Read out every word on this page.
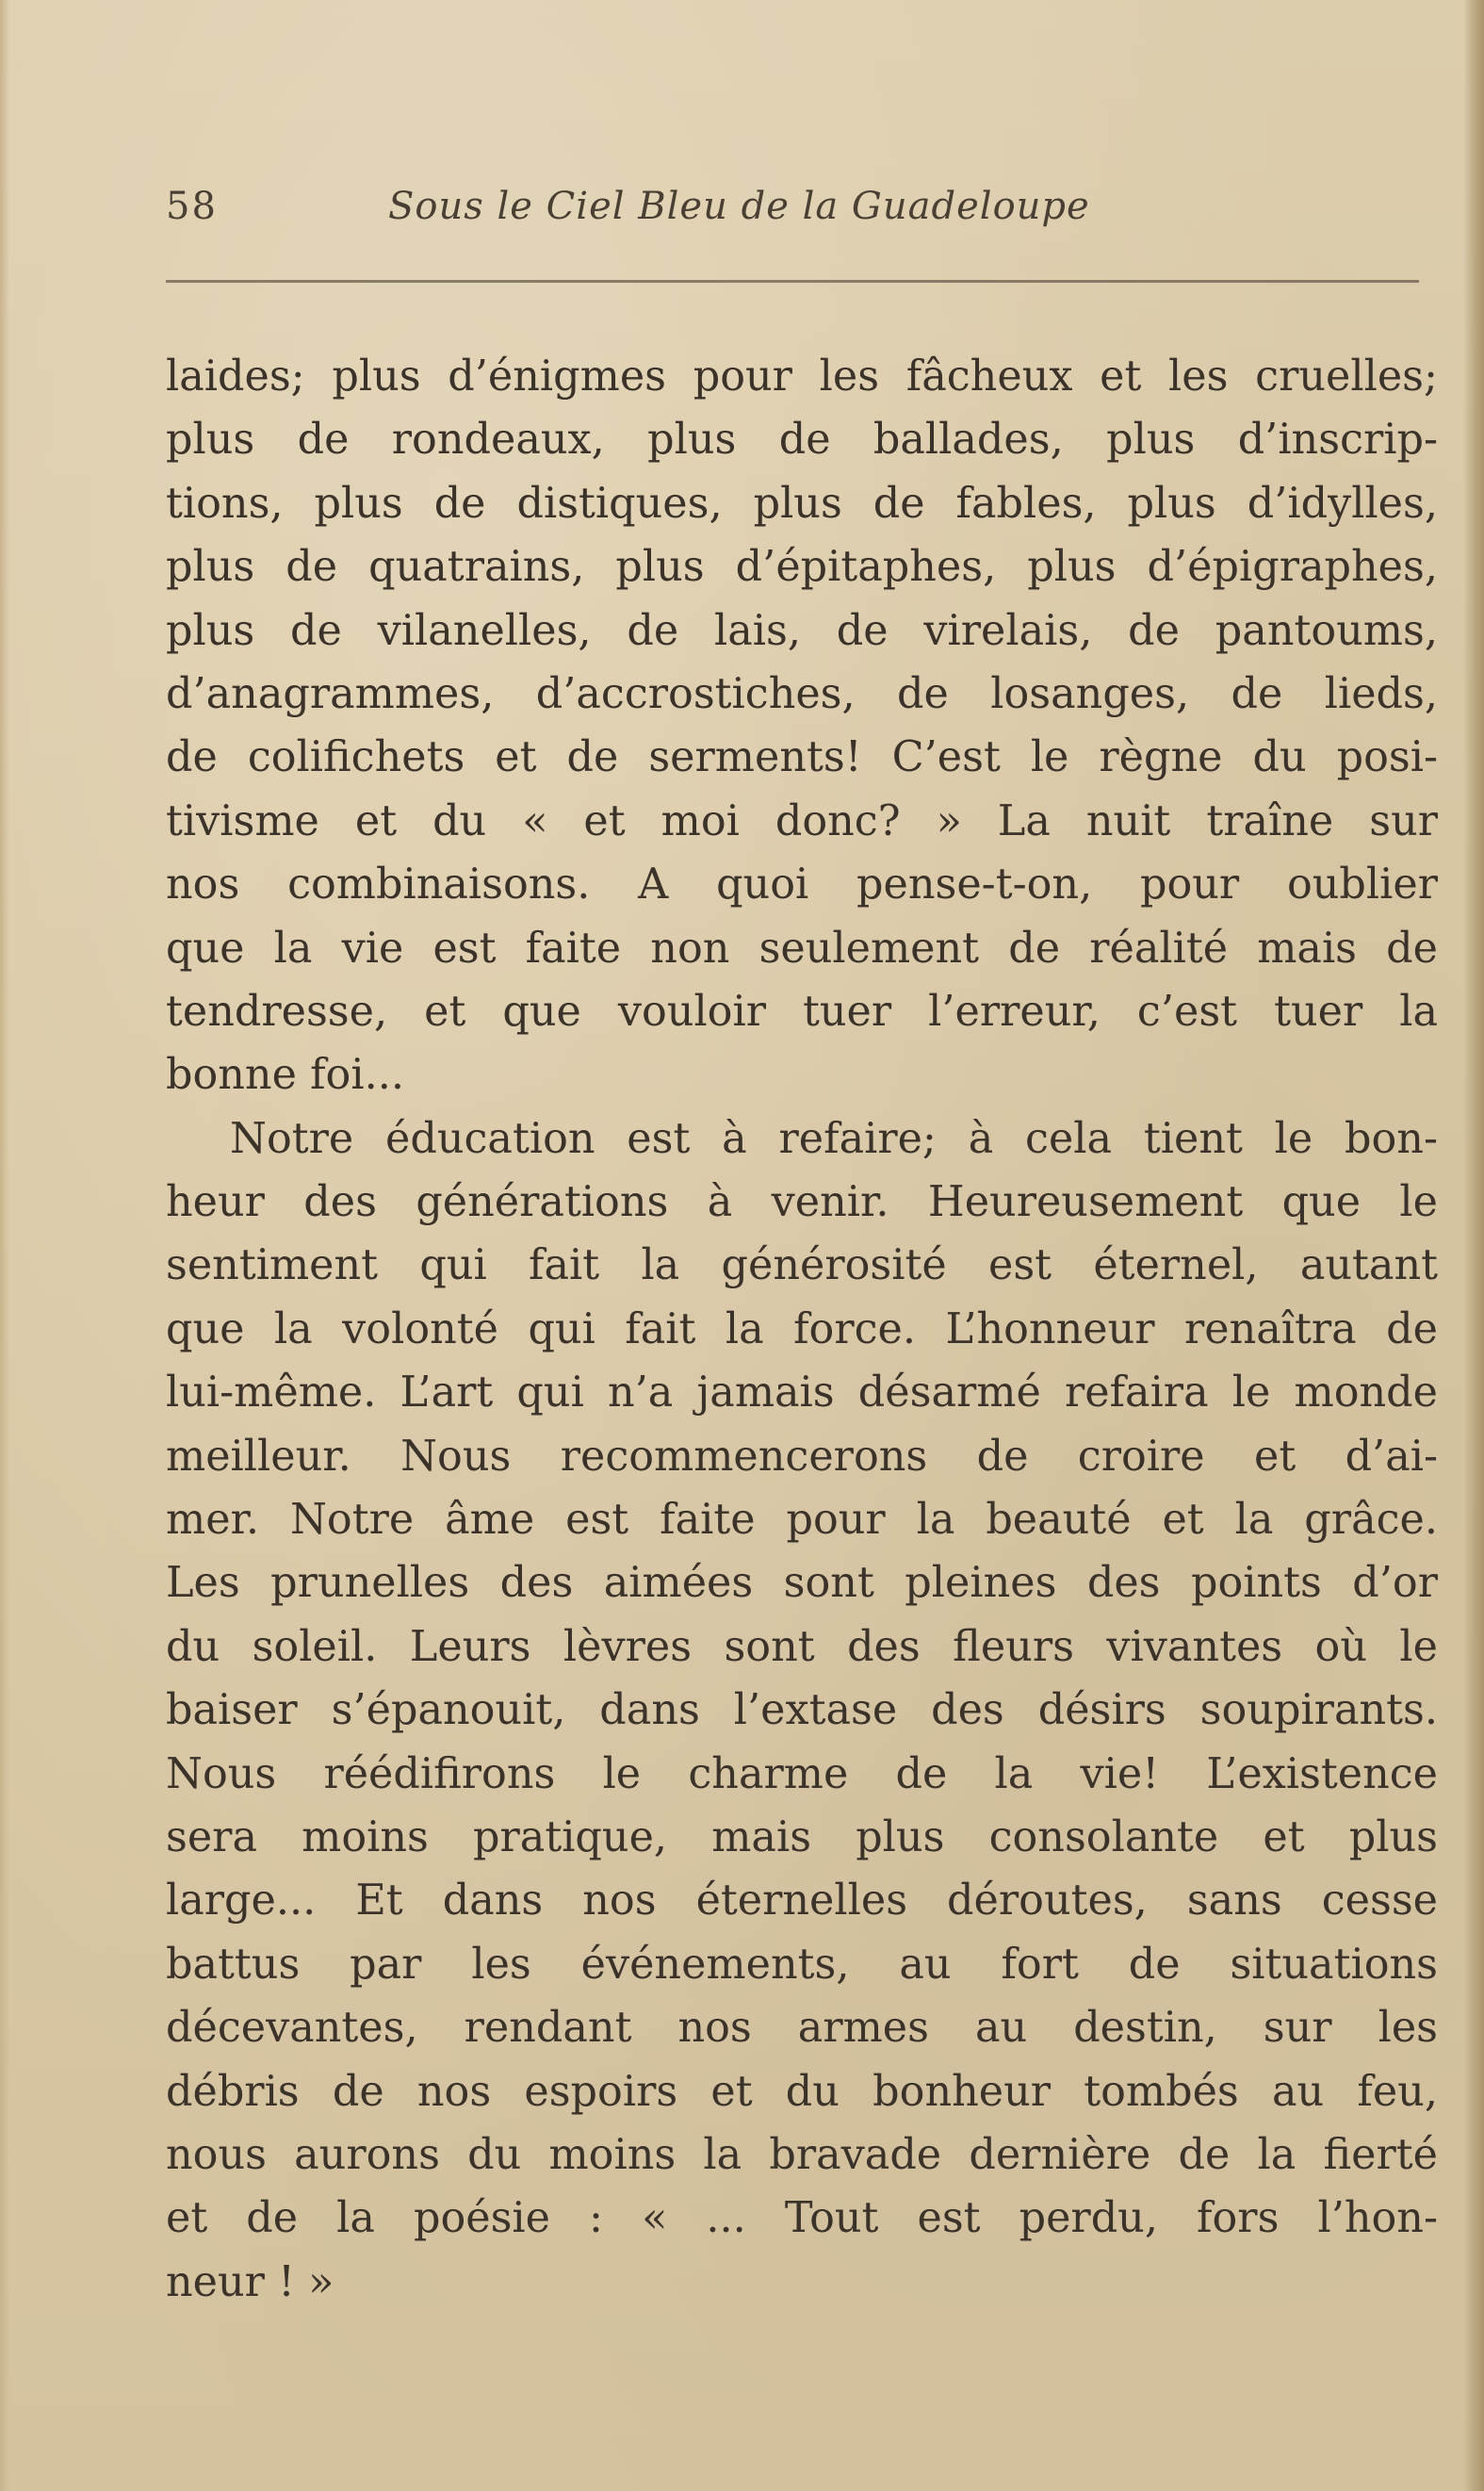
58	Sous le Ciel Bleu de la Guadeloupe
laides; plus d’énigmes pour les fâcheux et les cruelles;
plus de rondeaux, plus de ballades, plus d’inscrip-
tions, plus de distiques, plus de fables, plus d’idylles,
plus de quatrains, plus d’épitaphes, plus d’épigraphes,
plus de vilanelles, de lais, de virelais, de pantoums,
d’anagrammes, d’accrostiches, de losanges, de lieds,
de colifichets et de serments! C’est le règne du posi-
tivisme et du « et moi donc? » La nuit traîne sur
nos combinaisons. A quoi pense-t-on, pour oublier
que la vie est faite non seulement de réalité mais de
tendresse, et que vouloir tuer l’erreur, c’est tuer la
bonne foi...
Notre éducation est à refaire; à cela tient le bon-
heur des générations à venir. Heureusement que le
sentiment qui fait la générosité est éternel, autant
que la volonté qui fait la force. L’honneur renaîtra de
lui-même. L’art qui n’a jamais désarmé refaira le monde
meilleur. Nous recommencerons de croire et d’ai-
mer. Notre âme est faite pour la beauté et la grâce.
Les prunelles des aimées sont pleines des points d’or
du soleil. Leurs lèvres sont des fleurs vivantes où le
baiser s’épanouit, dans l’extase des désirs soupirants.
Nous réédifirons le charme de la vie! L’existence
sera moins pratique, mais plus consolante et plus
large... Et dans nos éternelles déroutes, sans cesse
battus par les événements, au fort de situations
décevantes, rendant nos armes au destin, sur les
débris de nos espoirs et du bonheur tombés au feu,
nous aurons du moins la bravade dernière de la fierté
et de la poésie : « ... Tout est perdu, fors l’hon-
neur ! »
